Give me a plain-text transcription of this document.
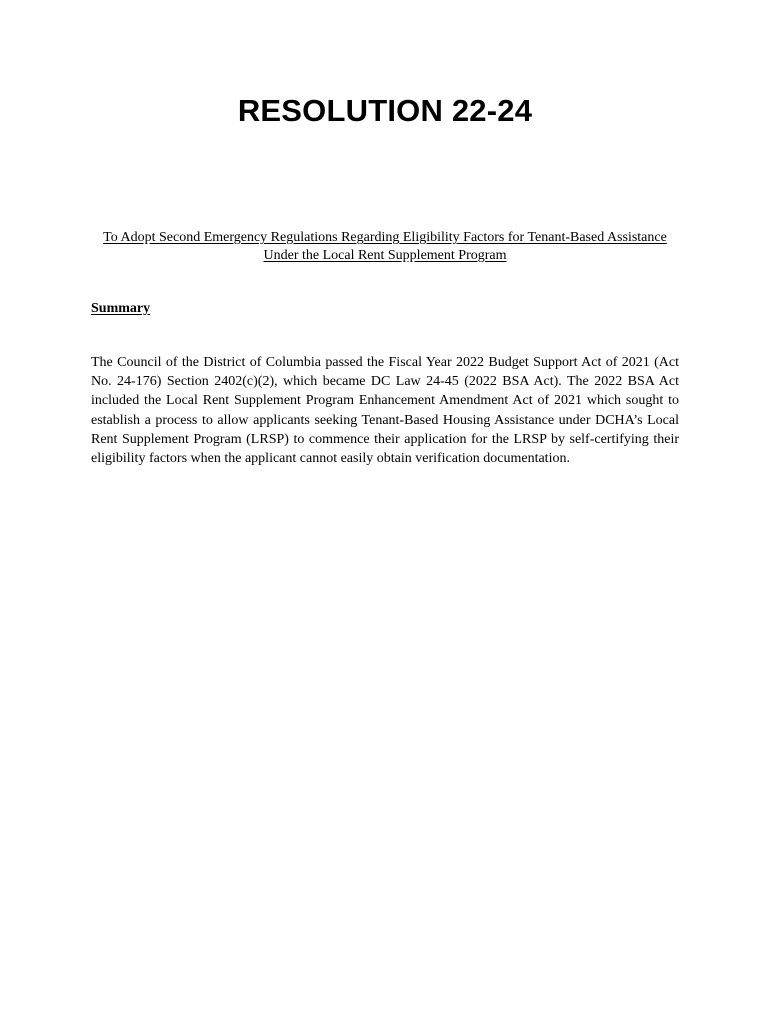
RESOLUTION 22-24

To Adopt Second Emergency Regulations Regarding Eligibility Factors for Tenant-Based Assistance Under the Local Rent Supplement Program

Summary

The Council of the District of Columbia passed the Fiscal Year 2022 Budget Support Act of 2021 (Act No. 24-176) Section 2402(c)(2), which became DC Law 24-45 (2022 BSA Act). The 2022 BSA Act included the Local Rent Supplement Program Enhancement Amendment Act of 2021 which sought to establish a process to allow applicants seeking Tenant-Based Housing Assistance under DCHA’s Local Rent Supplement Program (LRSP) to commence their application for the LRSP by self-certifying their eligibility factors when the applicant cannot easily obtain verification documentation.
